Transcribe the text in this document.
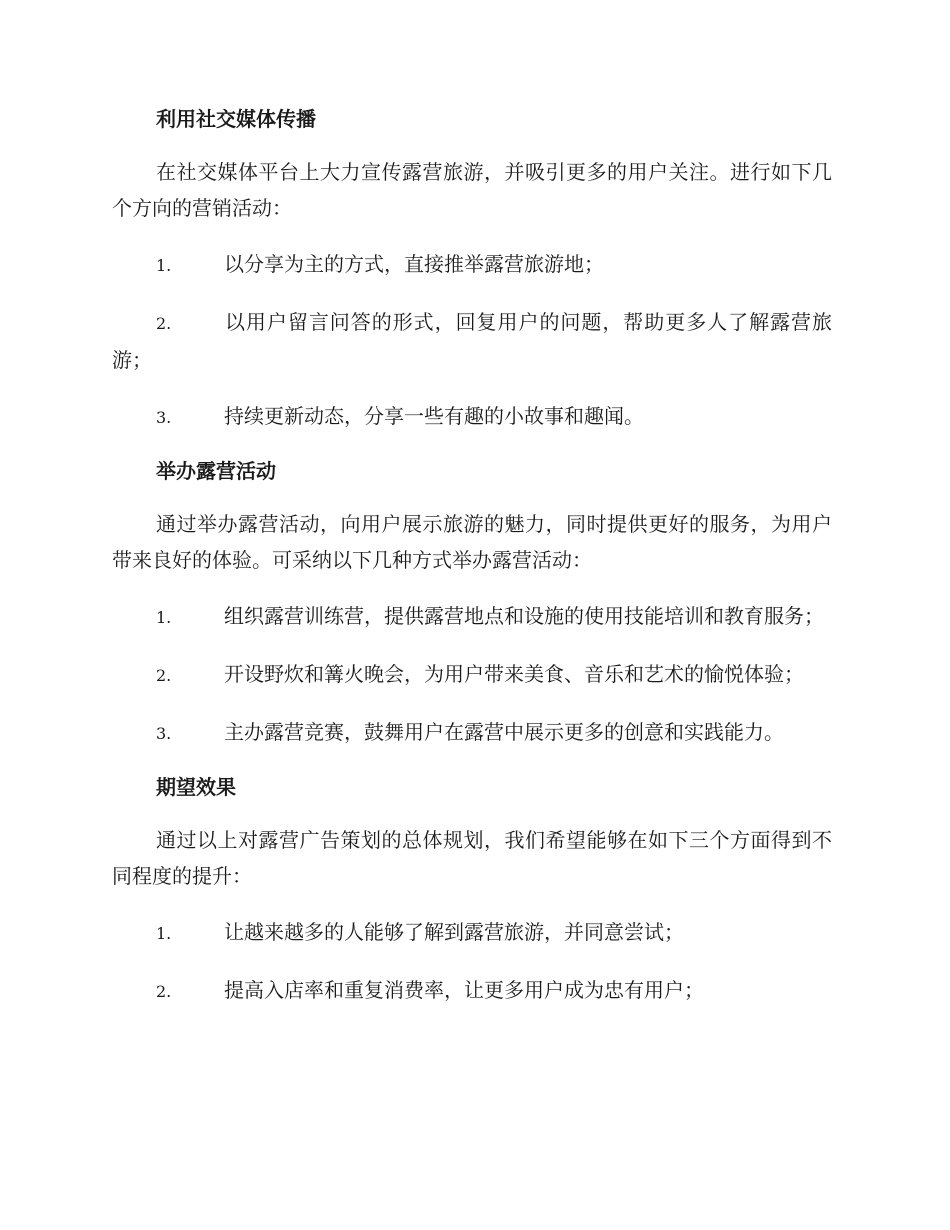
利用社交媒体传播

在社交媒体平台上大力宣传露营旅游，并吸引更多的用户关注。进行如下几个方向的营销活动：

1.	以分享为主的方式，直接推举露营旅游地；
2.	以用户留言问答的形式，回复用户的问题，帮助更多人了解露营旅游；
3.	持续更新动态，分享一些有趣的小故事和趣闻。
举办露营活动

通过举办露营活动，向用户展示旅游的魅力，同时提供更好的服务，为用户带来良好的体验。可采纳以下几种方式举办露营活动：

1.	组织露营训练营，提供露营地点和设施的使用技能培训和教育服务；
2.	开设野炊和篝火晚会，为用户带来美食、音乐和艺术的愉悦体验；
3.	主办露营竞赛，鼓舞用户在露营中展示更多的创意和实践能力。
期望效果

通过以上对露营广告策划的总体规划，我们希望能够在如下三个方面得到不同程度的提升：

1.	让越来越多的人能够了解到露营旅游，并同意尝试；
2.	提高入店率和重复消费率，让更多用户成为忠有用户；
